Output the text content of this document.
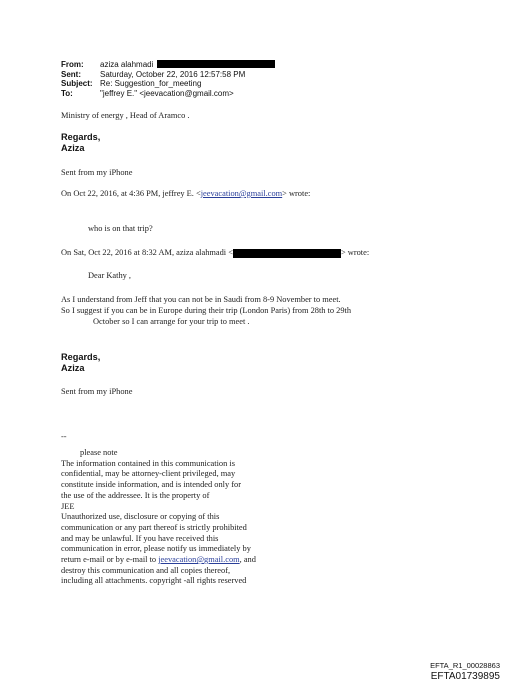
From:	aziza alahmadi
Sent:	Saturday, October 22, 2016 12:57:58 PM
Subject: Re: Suggestion_for_meeting
To:	"jeffrey E." <jeevacation@gmail.com>
Ministry of energy , Head of Aramco .
Regards,
Aziza
Sent from my iPhone
On Oct 22, 2016, at 4:36 PM, jeffrey E. <jeevacation@gmail.com> wrote:
who is on that trip?
On Sat, Oct 22, 2016 at 8:32 AM, aziza alahmadi <	> wrote:
Dear Kathy ,
As I understand from Jeff that you can not be in Saudi from 8-9 November to meet.
So I suggest if you can be in Europe during their trip (London Paris) from 28th to 29th
October so I can arrange for your trip to meet .
Regards,
Aziza
Sent from my iPhone
--
please note
The information contained in this communication is
confidential, may be attorney-client privileged, may
constitute inside information, and is intended only for
the use of the addressee. It is the property of
JEE
Unauthorized use, disclosure or copying of this
communication or any part thereof is strictly prohibited
and may be unlawful. If you have received this
communication in error, please notify us immediately by
return e-mail or by e-mail to jeevacation@gmail.com, and
destroy this communication and all copies thereof,
including all attachments. copyright -all rights reserved
EFTA_R1_00028863
EFTA01739895
